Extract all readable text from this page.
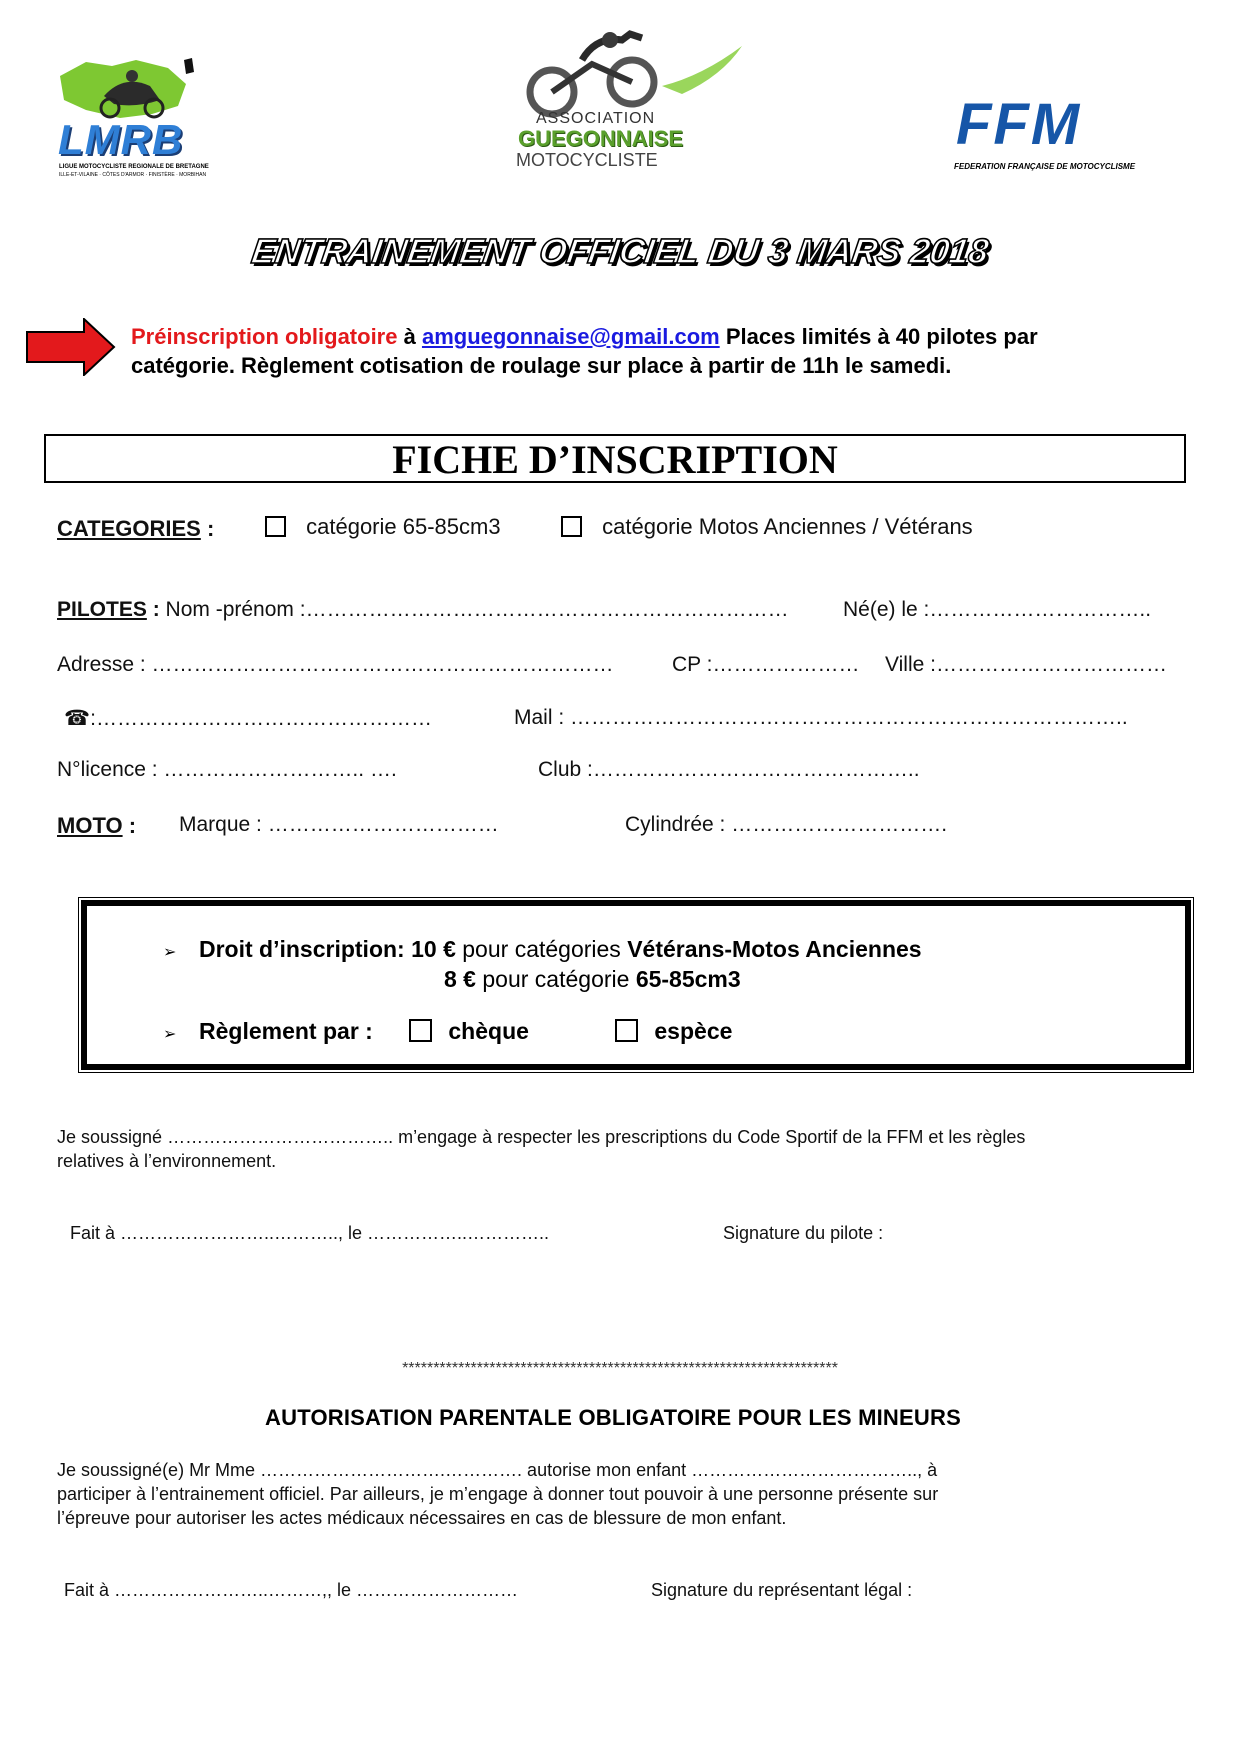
LMRB
LIGUE MOTOCYCLISTE REGIONALE DE BRETAGNE
ILLE-ET-VILAINE · CÔTES D'ARMOR · FINISTÈRE · MORBIHAN
ASSOCIATION
GUEGONNAISE
MOTOCYCLISTE
FFM
FEDERATION FRANÇAISE DE MOTOCYCLISME
ENTRAINEMENT OFFICIEL DU 3 MARS 2018
Préinscription obligatoire à amguegonnaise@gmail.com Places limités à 40 pilotes par
catégorie. Règlement cotisation de roulage sur place à partir de 11h le samedi.
FICHE D’INSCRIPTION
CATEGORIES :	catégorie 65-85cm3	catégorie Motos Anciennes / Vétérans
PILOTES : Nom -prénom :……………………………………………………………	Né(e) le :…………………………..
Adresse : …………………………………………………………	CP :………………… Ville :……………………………
☎:…………………………………………	Mail : ……………………………………………………………………..
N°licence : ……………………….. ….	Club :………………………………………..
MOTO : Marque : ……………………………	Cylindrée : ………………………….
➢ Droit d’inscription: 10 € pour catégories Vétérans-Motos Anciennes
8 € pour catégorie 65-85cm3
➢ Règlement par :	chèque	espèce
Je soussigné ……………………………….. m’engage à respecter les prescriptions du Code Sportif de la FFM et les règles
relatives à l’environnement.
Fait à ……………………..……….., le ……………..…………..	Signature du pilote :
**********************************************************************
AUTORISATION PARENTALE OBLIGATOIRE POUR LES MINEURS
Je soussigné(e) Mr Mme ………………………….…………. autorise mon enfant ……………………………….., à
participer à l’entrainement officiel. Par ailleurs, je m’engage à donner tout pouvoir à une personne présente sur
l’épreuve pour autoriser les actes médicaux nécessaires en cas de blessure de mon enfant.
Fait à ……………………..………,, le ………………………	Signature du représentant légal :
